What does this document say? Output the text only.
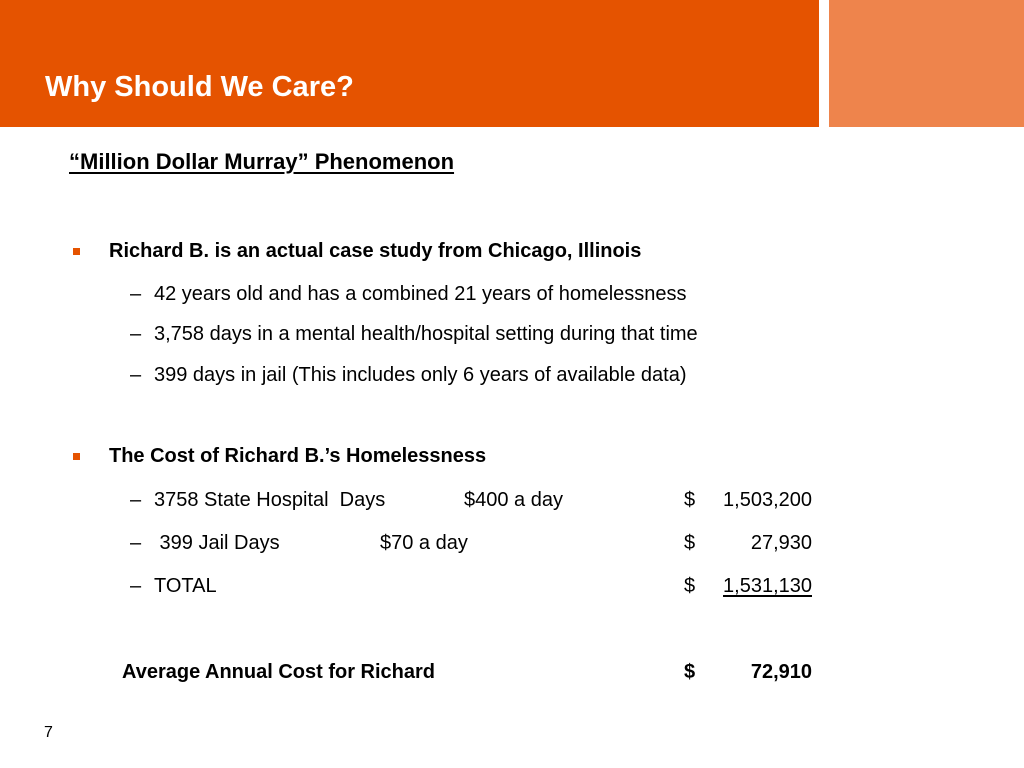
Why Should We Care?
“Million Dollar Murray” Phenomenon
Richard B. is an actual case study from Chicago, Illinois
– 42 years old and has a combined 21 years of homelessness
– 3,758 days in a mental health/hospital setting during that time
– 399 days in jail (This includes only 6 years of available data)
The Cost of Richard B.’s Homelessness
– 3758 State Hospital  Days	$400 a day	$ 1,503,200
– 399 Jail Days	$70 a day	$	27,930
– TOTAL	$ 1,531,130
Average Annual Cost for Richard	$	72,910
7
